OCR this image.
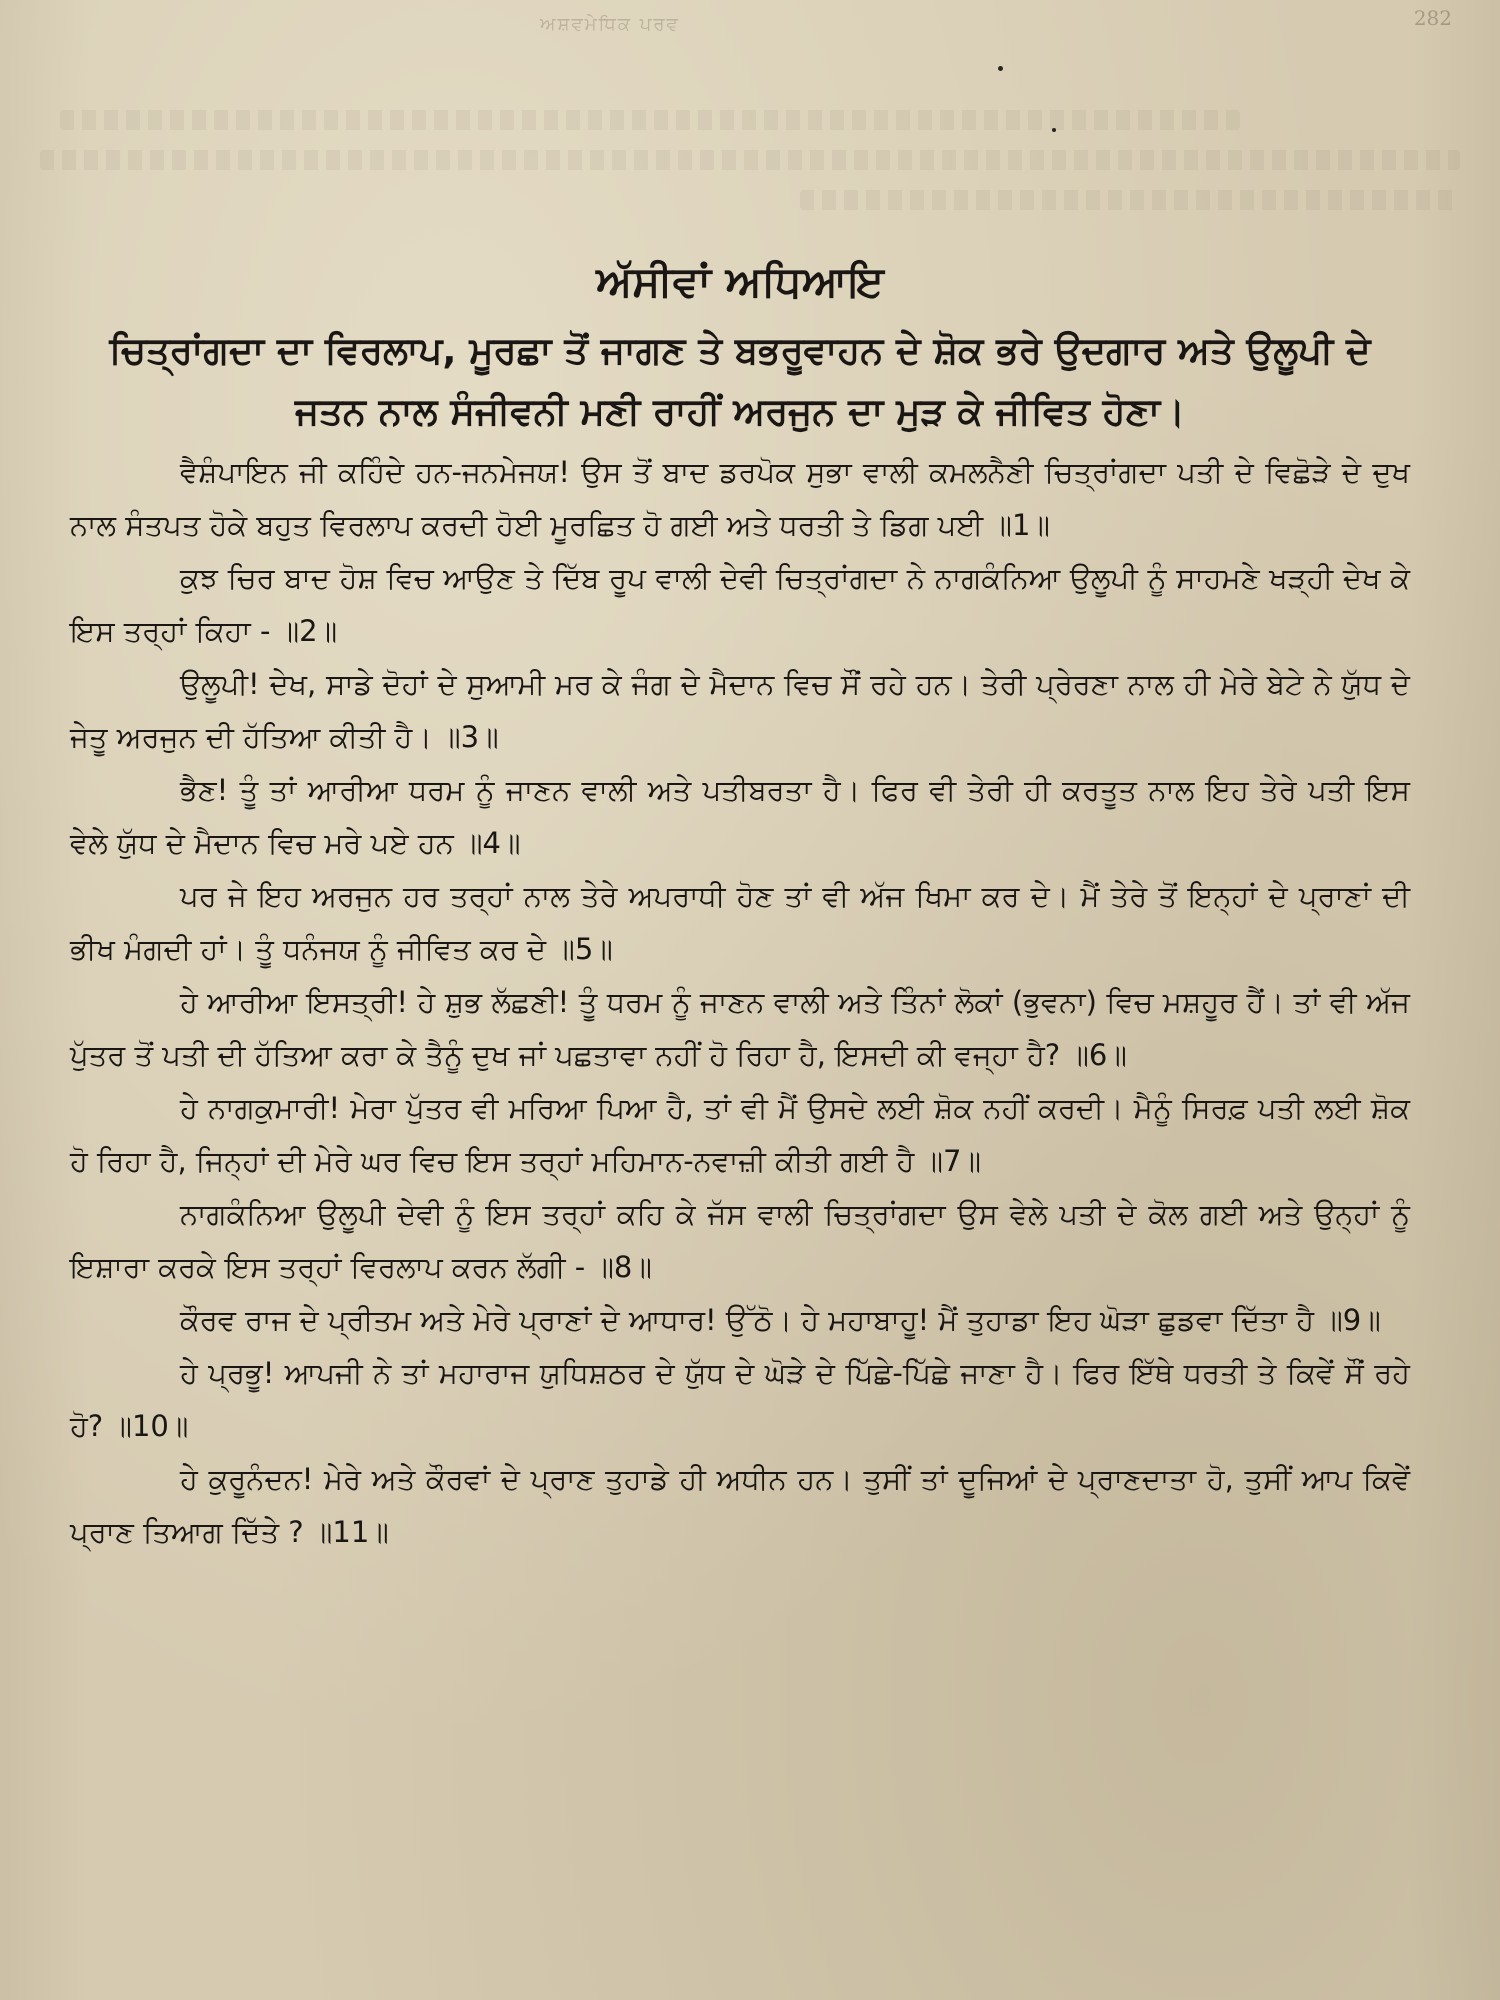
282
ਅਸ਼ਵਮੇਧਿਕ ਪਰਵ
ਅੱਸੀਵਾਂ ਅਧਿਆਇ
ਚਿਤ੍ਰਾਂਗਦਾ ਦਾ ਵਿਰਲਾਪ, ਮੂਰਛਾ ਤੋਂ ਜਾਗਣ ਤੇ ਬਭਰੂਵਾਹਨ ਦੇ ਸ਼ੋਕ ਭਰੇ ਉਦਗਾਰ ਅਤੇ ਉਲੂਪੀ ਦੇ ਜਤਨ ਨਾਲ ਸੰਜੀਵਨੀ ਮਣੀ ਰਾਹੀਂ ਅਰਜੁਨ ਦਾ ਮੁੜ ਕੇ ਜੀਵਿਤ ਹੋਣਾ।

ਵੈਸ਼ੰਪਾਇਨ ਜੀ ਕਹਿੰਦੇ ਹਨ-ਜਨਮੇਜਯ! ਉਸ ਤੋਂ ਬਾਦ ਡਰਪੋਕ ਸੁਭਾ ਵਾਲੀ ਕਮਲਨੈਣੀ ਚਿਤ੍ਰਾਂਗਦਾ ਪਤੀ ਦੇ ਵਿਛੋੜੇ ਦੇ ਦੁਖ ਨਾਲ ਸੰਤਪਤ ਹੋਕੇ ਬਹੁਤ ਵਿਰਲਾਪ ਕਰਦੀ ਹੋਈ ਮੂਰਛਿਤ ਹੋ ਗਈ ਅਤੇ ਧਰਤੀ ਤੇ ਡਿਗ ਪਈ ॥1॥

ਕੁਝ ਚਿਰ ਬਾਦ ਹੋਸ਼ ਵਿਚ ਆਉਣ ਤੇ ਦਿੱਬ ਰੂਪ ਵਾਲੀ ਦੇਵੀ ਚਿਤ੍ਰਾਂਗਦਾ ਨੇ ਨਾਗਕੰਨਿਆ ਉਲੂਪੀ ਨੂੰ ਸਾਹਮਣੇ ਖੜ੍ਹੀ ਦੇਖ ਕੇ ਇਸ ਤਰ੍ਹਾਂ ਕਿਹਾ - ॥2॥

ਉਲੂਪੀ! ਦੇਖ, ਸਾਡੇ ਦੋਹਾਂ ਦੇ ਸੁਆਮੀ ਮਰ ਕੇ ਜੰਗ ਦੇ ਮੈਦਾਨ ਵਿਚ ਸੌਂ ਰਹੇ ਹਨ। ਤੇਰੀ ਪ੍ਰੇਰਣਾ ਨਾਲ ਹੀ ਮੇਰੇ ਬੇਟੇ ਨੇ ਯੁੱਧ ਦੇ ਜੇਤੂ ਅਰਜੁਨ ਦੀ ਹੱਤਿਆ ਕੀਤੀ ਹੈ। ॥3॥

ਭੈਣ! ਤੂੰ ਤਾਂ ਆਰੀਆ ਧਰਮ ਨੂੰ ਜਾਣਨ ਵਾਲੀ ਅਤੇ ਪਤੀਬਰਤਾ ਹੈ। ਫਿਰ ਵੀ ਤੇਰੀ ਹੀ ਕਰਤੂਤ ਨਾਲ ਇਹ ਤੇਰੇ ਪਤੀ ਇਸ ਵੇਲੇ ਯੁੱਧ ਦੇ ਮੈਦਾਨ ਵਿਚ ਮਰੇ ਪਏ ਹਨ ॥4॥

ਪਰ ਜੇ ਇਹ ਅਰਜੁਨ ਹਰ ਤਰ੍ਹਾਂ ਨਾਲ ਤੇਰੇ ਅਪਰਾਧੀ ਹੋਣ ਤਾਂ ਵੀ ਅੱਜ ਖਿਮਾ ਕਰ ਦੇ। ਮੈਂ ਤੇਰੇ ਤੋਂ ਇਨ੍ਹਾਂ ਦੇ ਪ੍ਰਾਣਾਂ ਦੀ ਭੀਖ ਮੰਗਦੀ ਹਾਂ। ਤੂੰ ਧਨੰਜਯ ਨੂੰ ਜੀਵਿਤ ਕਰ ਦੇ ॥5॥

ਹੇ ਆਰੀਆ ਇਸਤ੍ਰੀ! ਹੇ ਸ਼ੁਭ ਲੱਛਣੀ! ਤੂੰ ਧਰਮ ਨੂੰ ਜਾਣਨ ਵਾਲੀ ਅਤੇ ਤਿੰਨਾਂ ਲੋਕਾਂ (ਭੁਵਨਾ) ਵਿਚ ਮਸ਼ਹੂਰ ਹੈਂ। ਤਾਂ ਵੀ ਅੱਜ ਪੁੱਤਰ ਤੋਂ ਪਤੀ ਦੀ ਹੱਤਿਆ ਕਰਾ ਕੇ ਤੈਨੂੰ ਦੁਖ ਜਾਂ ਪਛਤਾਵਾ ਨਹੀਂ ਹੋ ਰਿਹਾ ਹੈ, ਇਸਦੀ ਕੀ ਵਜ੍ਹਾ ਹੈ? ॥6॥

ਹੇ ਨਾਗਕੁਮਾਰੀ! ਮੇਰਾ ਪੁੱਤਰ ਵੀ ਮਰਿਆ ਪਿਆ ਹੈ, ਤਾਂ ਵੀ ਮੈਂ ਉਸਦੇ ਲਈ ਸ਼ੋਕ ਨਹੀਂ ਕਰਦੀ। ਮੈਨੂੰ ਸਿਰਫ਼ ਪਤੀ ਲਈ ਸ਼ੋਕ ਹੋ ਰਿਹਾ ਹੈ, ਜਿਨ੍ਹਾਂ ਦੀ ਮੇਰੇ ਘਰ ਵਿਚ ਇਸ ਤਰ੍ਹਾਂ ਮਹਿਮਾਨ-ਨਵਾਜ਼ੀ ਕੀਤੀ ਗਈ ਹੈ ॥7॥

ਨਾਗਕੰਨਿਆ ਉਲੂਪੀ ਦੇਵੀ ਨੂੰ ਇਸ ਤਰ੍ਹਾਂ ਕਹਿ ਕੇ ਜੱਸ ਵਾਲੀ ਚਿਤ੍ਰਾਂਗਦਾ ਉਸ ਵੇਲੇ ਪਤੀ ਦੇ ਕੋਲ ਗਈ ਅਤੇ ਉਨ੍ਹਾਂ ਨੂੰ ਇਸ਼ਾਰਾ ਕਰਕੇ ਇਸ ਤਰ੍ਹਾਂ ਵਿਰਲਾਪ ਕਰਨ ਲੱਗੀ - ॥8॥

ਕੌਰਵ ਰਾਜ ਦੇ ਪ੍ਰੀਤਮ ਅਤੇ ਮੇਰੇ ਪ੍ਰਾਣਾਂ ਦੇ ਆਧਾਰ! ਉੱਠੋ। ਹੇ ਮਹਾਬਾਹੂ! ਮੈਂ ਤੁਹਾਡਾ ਇਹ ਘੋੜਾ ਛੁਡਵਾ ਦਿੱਤਾ ਹੈ ॥9॥

ਹੇ ਪ੍ਰਭੂ! ਆਪਜੀ ਨੇ ਤਾਂ ਮਹਾਰਾਜ ਯੁਧਿਸ਼ਠਰ ਦੇ ਯੁੱਧ ਦੇ ਘੋੜੇ ਦੇ ਪਿੱਛੇ-ਪਿੱਛੇ ਜਾਣਾ ਹੈ। ਫਿਰ ਇੱਥੇ ਧਰਤੀ ਤੇ ਕਿਵੇਂ ਸੌਂ ਰਹੇ ਹੋ? ॥10॥

ਹੇ ਕੁਰੂਨੰਦਨ! ਮੇਰੇ ਅਤੇ ਕੌਰਵਾਂ ਦੇ ਪ੍ਰਾਣ ਤੁਹਾਡੇ ਹੀ ਅਧੀਨ ਹਨ। ਤੁਸੀਂ ਤਾਂ ਦੂਜਿਆਂ ਦੇ ਪ੍ਰਾਣਦਾਤਾ ਹੋ, ਤੁਸੀਂ ਆਪ ਕਿਵੇਂ ਪ੍ਰਾਣ ਤਿਆਗ ਦਿੱਤੇ ? ॥11॥
